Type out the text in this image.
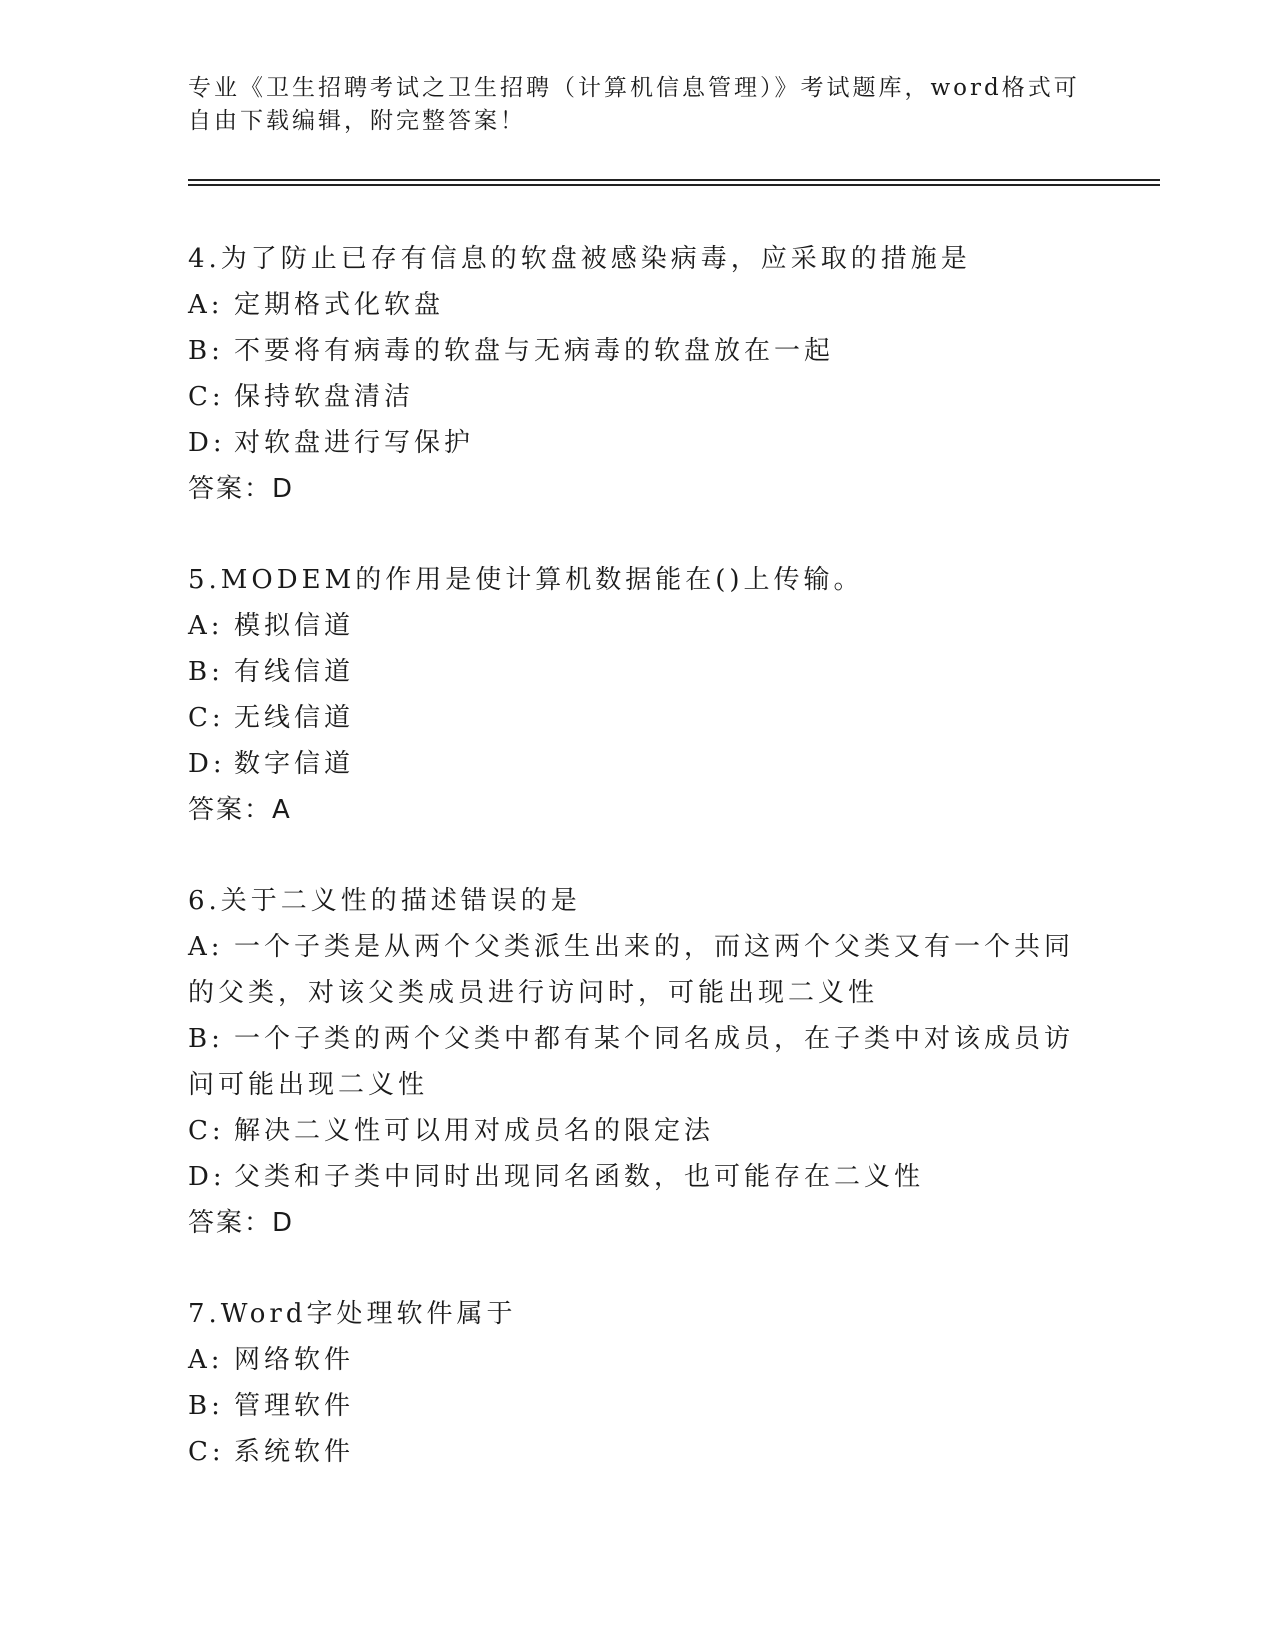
专业《卫生招聘考试之卫生招聘（计算机信息管理）》考试题库，word格式可自由下载编辑，附完整答案！
4.为了防止已存有信息的软盘被感染病毒，应采取的措施是
A: 定期格式化软盘
B: 不要将有病毒的软盘与无病毒的软盘放在一起
C: 保持软盘清洁
D: 对软盘进行写保护
答案：D
5.MODEM的作用是使计算机数据能在()上传输。
A: 模拟信道
B: 有线信道
C: 无线信道
D: 数字信道
答案：A
6.关于二义性的描述错误的是
A: 一个子类是从两个父类派生出来的，而这两个父类又有一个共同的父类，对该父类成员进行访问时，可能出现二义性
B: 一个子类的两个父类中都有某个同名成员，在子类中对该成员访问可能出现二义性
C: 解决二义性可以用对成员名的限定法
D: 父类和子类中同时出现同名函数，也可能存在二义性
答案：D
7.Word字处理软件属于
A: 网络软件
B: 管理软件
C: 系统软件
